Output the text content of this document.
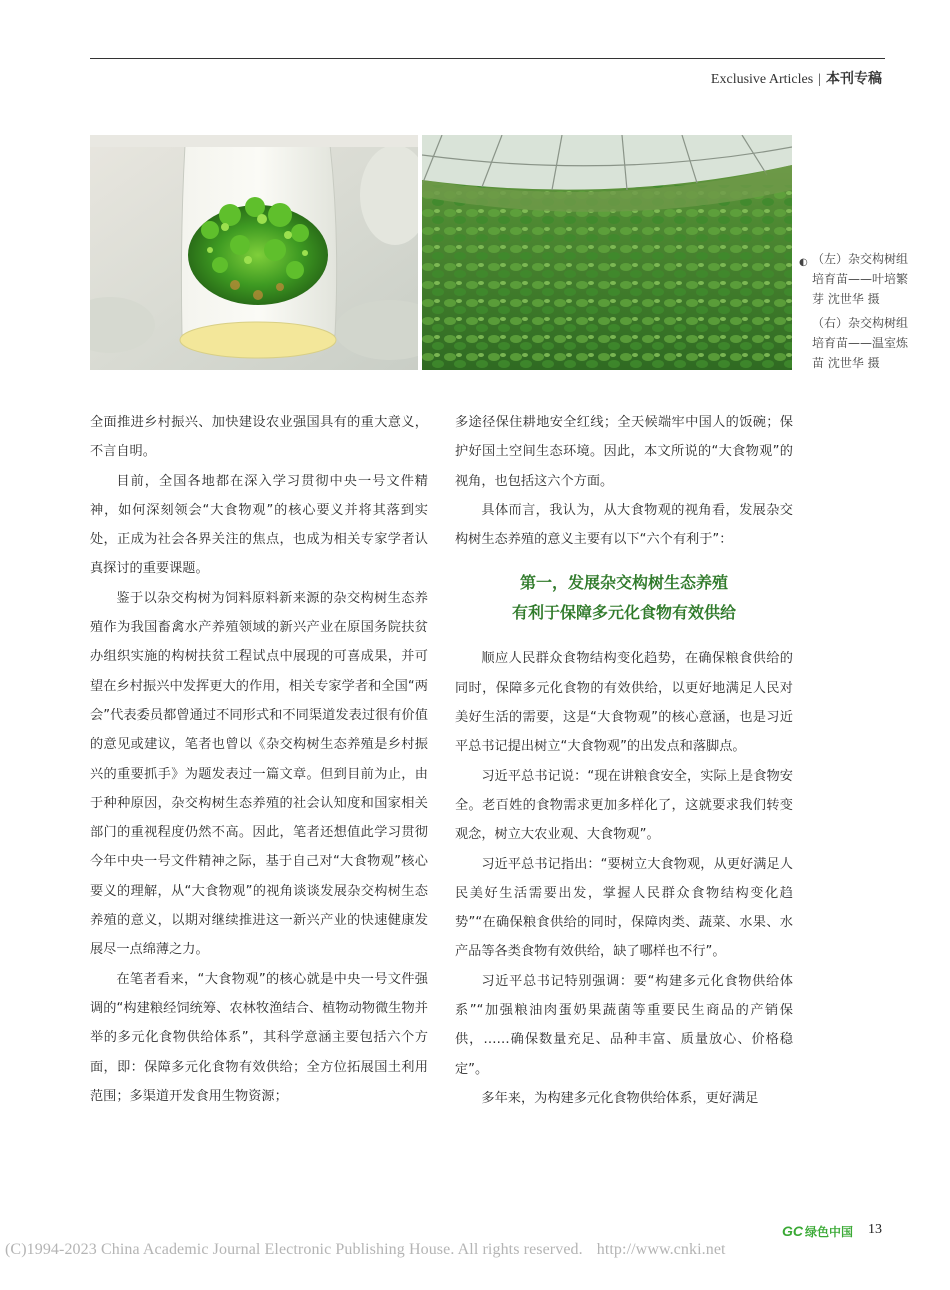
Exclusive Articles | 本刊专稿
◐ （左）杂交构树组培育苗——叶培繁芽 沈世华 摄

（右）杂交构树组培育苗——温室炼苗 沈世华 摄

全面推进乡村振兴、加快建设农业强国具有的重大意义，不言自明。

目前，全国各地都在深入学习贯彻中央一号文件精神，如何深刻领会“大食物观”的核心要义并将其落到实处，正成为社会各界关注的焦点，也成为相关专家学者认真探讨的重要课题。

鉴于以杂交构树为饲料原料新来源的杂交构树生态养殖作为我国畜禽水产养殖领域的新兴产业在原国务院扶贫办组织实施的构树扶贫工程试点中展现的可喜成果，并可望在乡村振兴中发挥更大的作用，相关专家学者和全国“两会”代表委员都曾通过不同形式和不同渠道发表过很有价值的意见或建议，笔者也曾以《杂交构树生态养殖是乡村振兴的重要抓手》为题发表过一篇文章。但到目前为止，由于种种原因，杂交构树生态养殖的社会认知度和国家相关部门的重视程度仍然不高。因此，笔者还想值此学习贯彻今年中央一号文件精神之际，基于自己对“大食物观”核心要义的理解，从“大食物观”的视角谈谈发展杂交构树生态养殖的意义，以期对继续推进这一新兴产业的快速健康发展尽一点绵薄之力。

在笔者看来，“大食物观”的核心就是中央一号文件强调的“构建粮经饲统筹、农林牧渔结合、植物动物微生物并举的多元化食物供给体系”，其科学意涵主要包括六个方面，即：保障多元化食物有效供给；全方位拓展国土利用范围；多渠道开发食用生物资源；

多途径保住耕地安全红线；全天候端牢中国人的饭碗；保护好国土空间生态环境。因此，本文所说的“大食物观”的视角，也包括这六个方面。

具体而言，我认为，从大食物观的视角看，发展杂交构树生态养殖的意义主要有以下“六个有利于”：

第一，发展杂交构树生态养殖
有利于保障多元化食物有效供给

顺应人民群众食物结构变化趋势，在确保粮食供给的同时，保障多元化食物的有效供给，以更好地满足人民对美好生活的需要，这是“大食物观”的核心意涵，也是习近平总书记提出树立“大食物观”的出发点和落脚点。

习近平总书记说：“现在讲粮食安全，实际上是食物安全。老百姓的食物需求更加多样化了，这就要求我们转变观念，树立大农业观、大食物观”。

习近平总书记指出：“要树立大食物观，从更好满足人民美好生活需要出发，掌握人民群众食物结构变化趋势”“在确保粮食供给的同时，保障肉类、蔬菜、水果、水产品等各类食物有效供给，缺了哪样也不行”。

习近平总书记特别强调：要“构建多元化食物供给体系”“加强粮油肉蛋奶果蔬菌等重要民生商品的产销保供，……确保数量充足、品种丰富、质量放心、价格稳定”。

多年来，为构建多元化食物供给体系，更好满足

GC 绿色中国 13
(C)1994-2023 China Academic Journal Electronic Publishing House. All rights reserved. http://www.cnki.net
